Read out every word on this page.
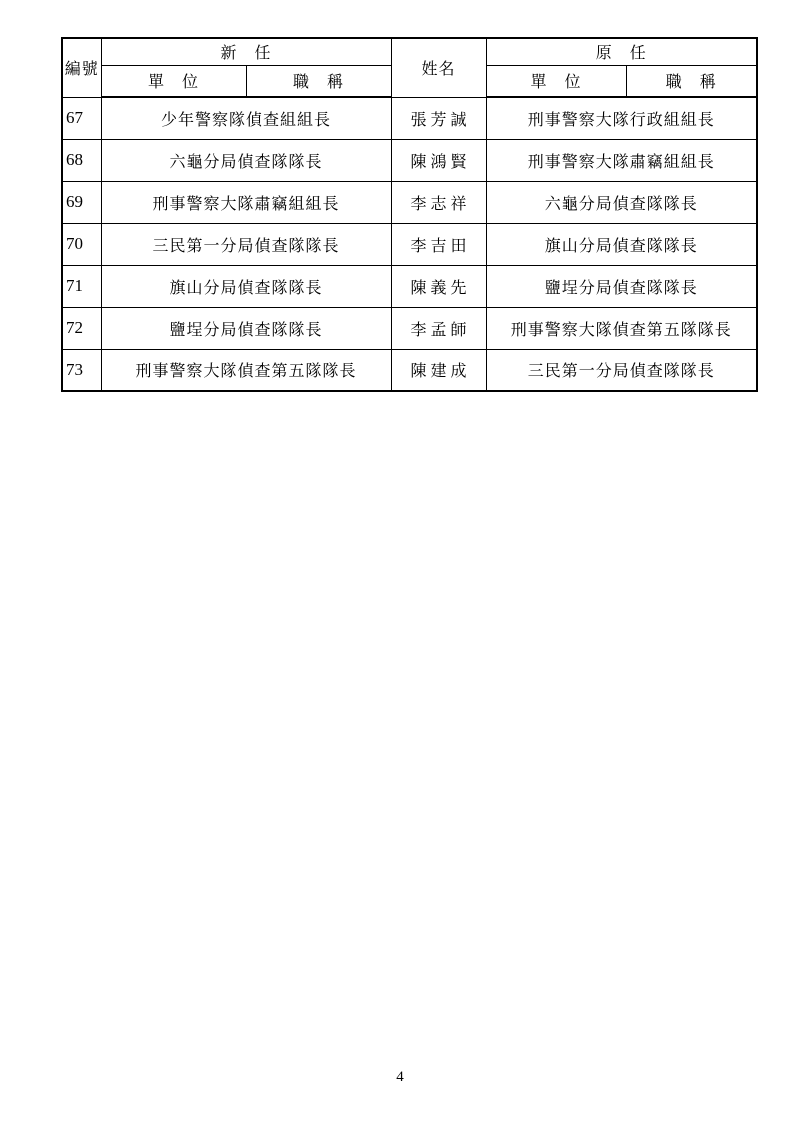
編號	新　任		姓名	原　任	
	單　位	職　稱		單　位	職　稱
67	少年警察隊偵查組組長		張芳誠	刑事警察大隊行政組組長	
68	六龜分局偵查隊隊長		陳鴻賢	刑事警察大隊肅竊組組長	
69	刑事警察大隊肅竊組組長		李志祥	六龜分局偵查隊隊長	
70	三民第一分局偵查隊隊長		李吉田	旗山分局偵查隊隊長	
71	旗山分局偵查隊隊長		陳義先	鹽埕分局偵查隊隊長	
72	鹽埕分局偵查隊隊長		李孟師	刑事警察大隊偵查第五隊隊長	
73	刑事警察大隊偵查第五隊隊長		陳建成	三民第一分局偵查隊隊長	
4
